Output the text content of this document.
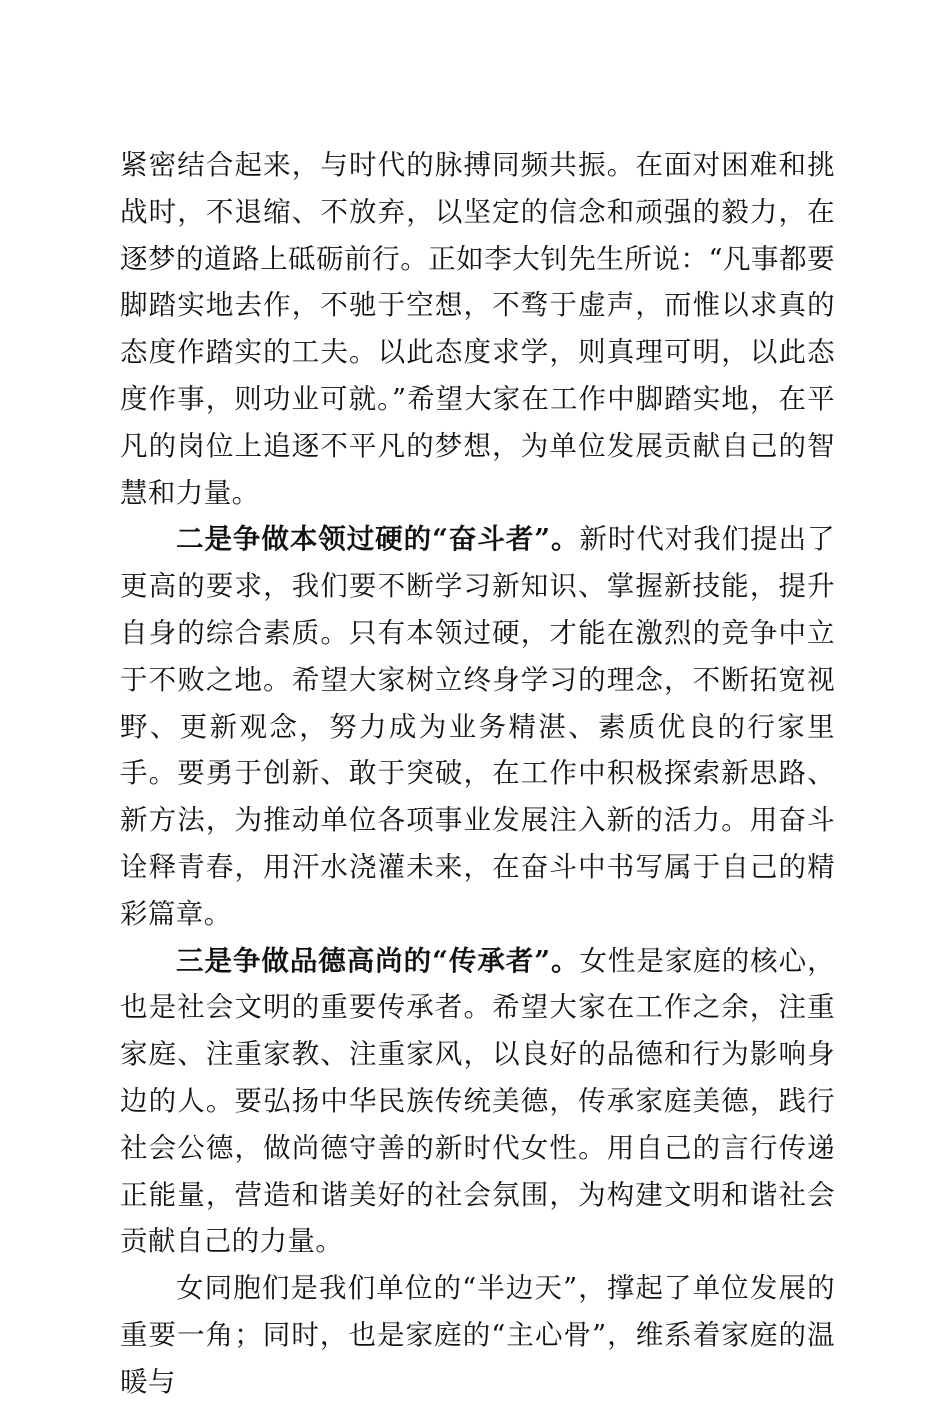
紧密结合起来，与时代的脉搏同频共振。在面对困难和挑战时，不退缩、不放弃，以坚定的信念和顽强的毅力，在逐梦的道路上砥砺前行。正如李大钊先生所说：“凡事都要脚踏实地去作，不驰于空想，不骛于虚声，而惟以求真的态度作踏实的工夫。以此态度求学，则真理可明，以此态度作事，则功业可就。”希望大家在工作中脚踏实地，在平凡的岗位上追逐不平凡的梦想，为单位发展贡献自己的智慧和力量。

二是争做本领过硬的“奋斗者”。新时代对我们提出了更高的要求，我们要不断学习新知识、掌握新技能，提升自身的综合素质。只有本领过硬，才能在激烈的竞争中立于不败之地。希望大家树立终身学习的理念，不断拓宽视野、更新观念，努力成为业务精湛、素质优良的行家里手。要勇于创新、敢于突破，在工作中积极探索新思路、新方法，为推动单位各项事业发展注入新的活力。用奋斗诠释青春，用汗水浇灌未来，在奋斗中书写属于自己的精彩篇章。

三是争做品德高尚的“传承者”。女性是家庭的核心，也是社会文明的重要传承者。希望大家在工作之余，注重家庭、注重家教、注重家风，以良好的品德和行为影响身边的人。要弘扬中华民族传统美德，传承家庭美德，践行社会公德，做尚德守善的新时代女性。用自己的言行传递正能量，营造和谐美好的社会氛围，为构建文明和谐社会贡献自己的力量。

女同胞们是我们单位的“半边天”，撑起了单位发展的重要一角；同时，也是家庭的“主心骨”，维系着家庭的温暖与
